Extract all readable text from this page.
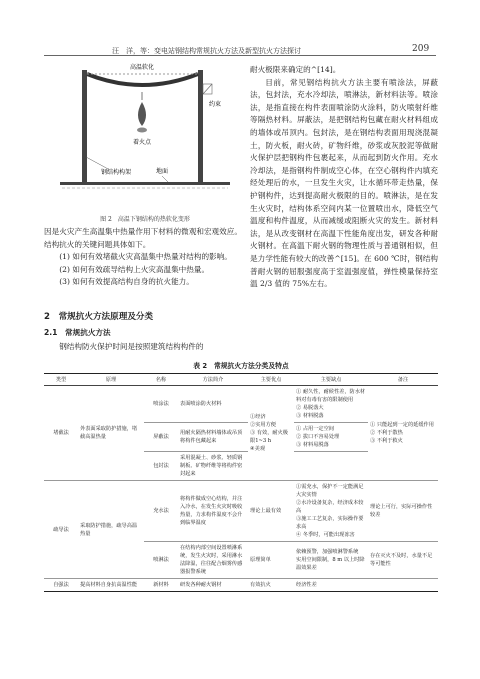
汪　洋，等：变电站钢结构常规抗火方法及新型抗火方法探讨	209
高温软化
约束
着火点
钢结构构架	地面
图 2　高温下钢结构的热软化变形

因是火灾产生高温集中热量作用下材料的微观和宏观效应。结构抗火的关键问题具体如下。

(1) 如何有效堵截火灾高温集中热量对结构的影响。

(2) 如何有效疏导结构上火灾高温集中热量。

(3) 如何有效提高结构自身的抗火能力。

2　常规抗火方法原理及分类
2.1　常规抗火方法

钢结构防火保护时间是按照建筑结构构件的

耐火极限来确定的^[14]。

目前，常见钢结构抗火方法主要有喷涂法，屏蔽法，包封法，充水冷却法，喷淋法，新材料法等。喷涂法，是指直接在构件表面喷涂防火涂料，防火喷射纤维等隔热材料。屏蔽法，是把钢结构包藏在耐火材料组成的墙体或吊顶内。包封法，是在钢结构表面用现浇混凝土，防火板，耐火砖，矿物纤维，砂浆或灰胶泥等做耐火保护层把钢构件包裹起来，从而起到防火作用。充水冷却法，是指钢构件制成空心体，在空心钢构件内填充经处理后的水，一旦发生火灾，让水循环带走热量，保护钢构件，达到提高耐火极限的目的。喷淋法，是在发生火灾时，结构体系空间内某一位置喷出水，降低空气温度和构件温度，从而减缓或阻断火灾的发生。新材料法，是从改变钢材在高温下性能角度出发，研发各种耐火钢材。在高温下耐火钢的物理性质与普通钢相似，但是力学性能有较大的改善^[15]。在 600 ℃时，钢结构普耐火钢的屈服强度高于室温强度值，弹性模量保持室温 2/3 值的 75%左右。

表 2　常规抗火方法分类及特点
类型	原理	名称	方法简介	主要优点	主要缺点	备注
堵截法	外表面采取防护措施，堵截高温热量	喷涂法	表面喷涂防火材料	①经济
②实用方便
③ 有效，耐火极限1~3 h
④美观	① 耐久性，耐候性差，防水材料对有毒有害的限制使用
② 易脱落大
③ 材料脱落	① 只能起到一定的延缓作用
② 不利于散热
③ 不利于救火
		屏蔽法	用耐火隔热材料墙体或吊顶将构件包藏起来		① 占用一定空间
② 拔口不容易处理
③ 材料易脱落	
		包封法	采用混凝土、砂浆、轻质钢制板、矿物纤维等将构件密封起来			
疏导法	采取防护措施，疏导高温热量	充水法	将构件做成空心结构，并注入冷水，在发生火灾时吸收热量，力求构件温度不会升到临界温度	理论上最有效	①需充水，保护不一定能满足大灾实情
②水冷设备复杂，经济成本较高
③施工工艺复杂，实际操作要求高
④ 冬季时，可能出现冻害	理论上可行，实际可操作性较差
		喷淋法	在结构内部空间设置喷淋系统，发生火灾时，采用淋水法降温，往往配合烟雾传感器报警系统	原理简单	依赖预警，加强喷淋警系统
实用空间限制，8 m 以上时降温效果差	存在灭火不及时，水量不足等可能性
自强法	提高材料自身抗高温性能	新材料	研发各种耐火钢材	有效抗火	经济性差	
